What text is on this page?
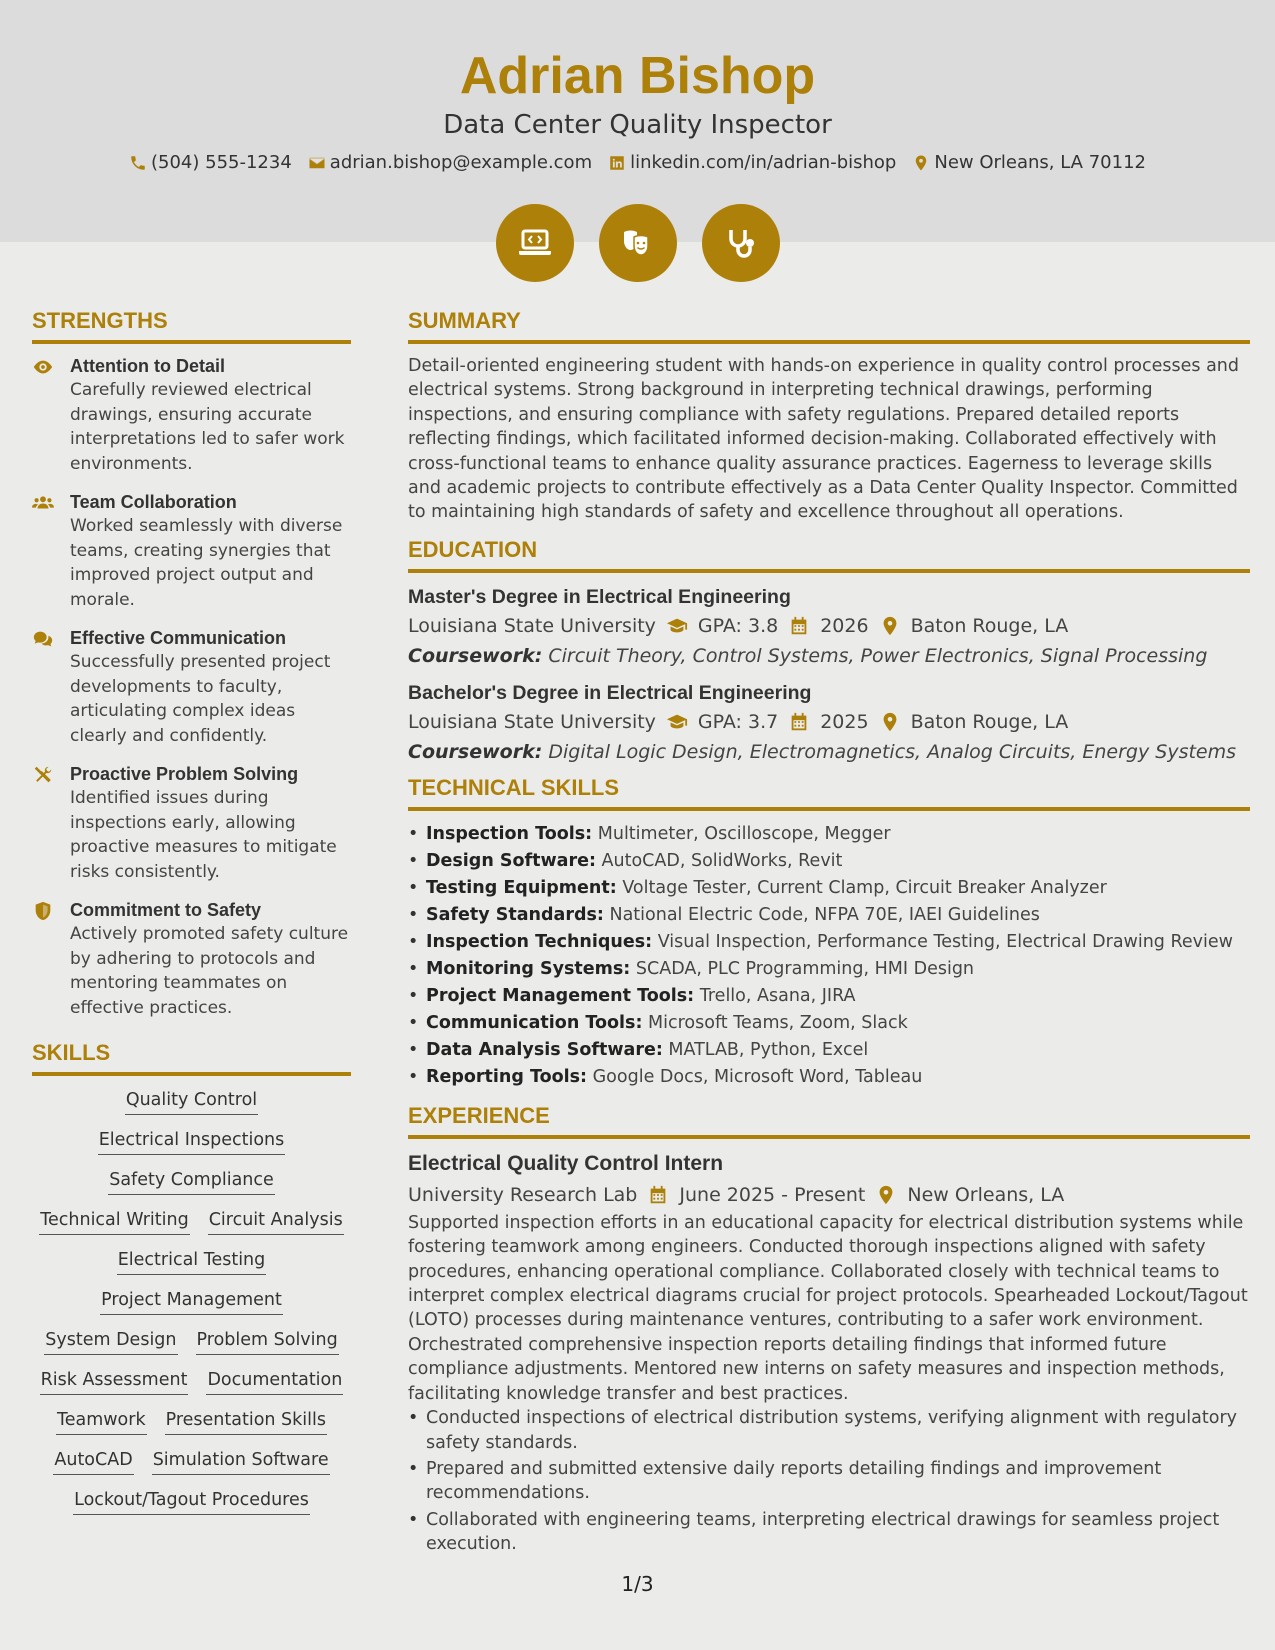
Adrian Bishop
Data Center Quality Inspector
(504) 555-1234 adrian.bishop@example.com linkedin.com/in/adrian-bishop New Orleans, LA 70112
STRENGTHS
Attention to Detail
Carefully reviewed electrical drawings, ensuring accurate interpretations led to safer work environments.
Team Collaboration
Worked seamlessly with diverse teams, creating synergies that improved project output and morale.
Effective Communication
Successfully presented project developments to faculty, articulating complex ideas clearly and confidently.
Proactive Problem Solving
Identified issues during inspections early, allowing proactive measures to mitigate risks consistently.
Commitment to Safety
Actively promoted safety culture by adhering to protocols and mentoring teammates on effective practices.
SKILLS
Quality Control
Electrical Inspections
Safety Compliance
Technical Writing Circuit Analysis
Electrical Testing
Project Management
System Design Problem Solving
Risk Assessment Documentation
Teamwork Presentation Skills
AutoCAD Simulation Software
Lockout/Tagout Procedures
SUMMARY
Detail-oriented engineering student with hands-on experience in quality control processes and electrical systems. Strong background in interpreting technical drawings, performing inspections, and ensuring compliance with safety regulations. Prepared detailed reports reflecting findings, which facilitated informed decision-making. Collaborated effectively with cross-functional teams to enhance quality assurance practices. Eagerness to leverage skills and academic projects to contribute effectively as a Data Center Quality Inspector. Committed to maintaining high standards of safety and excellence throughout all operations.
EDUCATION
Master's Degree in Electrical Engineering
Louisiana State University GPA: 3.8 2026 Baton Rouge, LA
Coursework: Circuit Theory, Control Systems, Power Electronics, Signal Processing
Bachelor's Degree in Electrical Engineering
Louisiana State University GPA: 3.7 2025 Baton Rouge, LA
Coursework: Digital Logic Design, Electromagnetics, Analog Circuits, Energy Systems
TECHNICAL SKILLS
• Inspection Tools: Multimeter, Oscilloscope, Megger
• Design Software: AutoCAD, SolidWorks, Revit
• Testing Equipment: Voltage Tester, Current Clamp, Circuit Breaker Analyzer
• Safety Standards: National Electric Code, NFPA 70E, IAEI Guidelines
• Inspection Techniques: Visual Inspection, Performance Testing, Electrical Drawing Review
• Monitoring Systems: SCADA, PLC Programming, HMI Design
• Project Management Tools: Trello, Asana, JIRA
• Communication Tools: Microsoft Teams, Zoom, Slack
• Data Analysis Software: MATLAB, Python, Excel
• Reporting Tools: Google Docs, Microsoft Word, Tableau
EXPERIENCE
Electrical Quality Control Intern
University Research Lab June 2025 - Present New Orleans, LA
Supported inspection efforts in an educational capacity for electrical distribution systems while fostering teamwork among engineers. Conducted thorough inspections aligned with safety procedures, enhancing operational compliance. Collaborated closely with technical teams to interpret complex electrical diagrams crucial for project protocols. Spearheaded Lockout/Tagout (LOTO) processes during maintenance ventures, contributing to a safer work environment. Orchestrated comprehensive inspection reports detailing findings that informed future compliance adjustments. Mentored new interns on safety measures and inspection methods, facilitating knowledge transfer and best practices.
• Conducted inspections of electrical distribution systems, verifying alignment with regulatory safety standards.
• Prepared and submitted extensive daily reports detailing findings and improvement recommendations.
• Collaborated with engineering teams, interpreting electrical drawings for seamless project execution.
1/3
